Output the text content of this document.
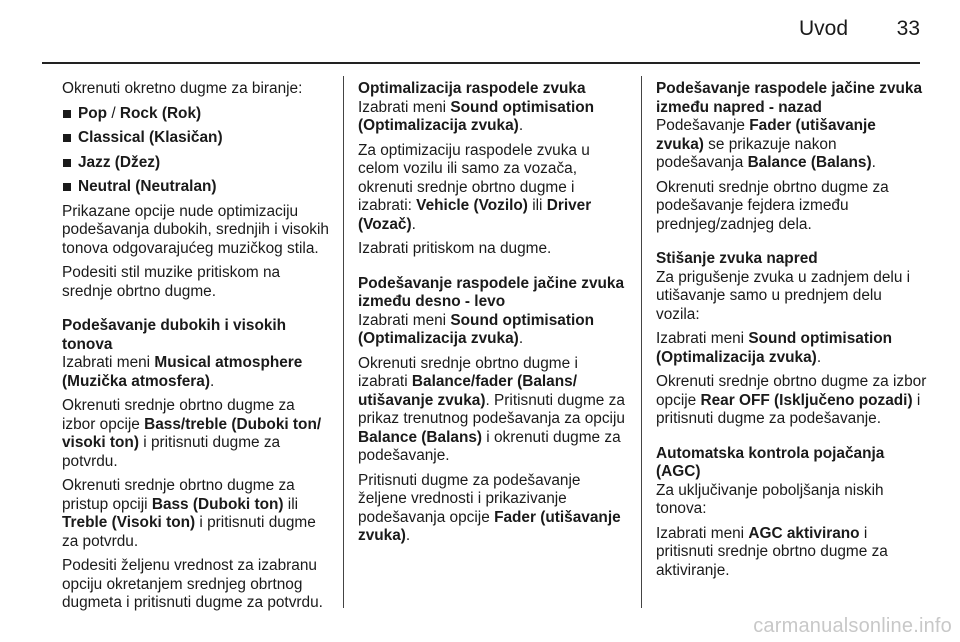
Uvod 33

Okrenuti okretno dugme za biranje:

Pop / Rock (Rok)
Classical (Klasičan)
Jazz (Džez)
Neutral (Neutralan)

Prikazane opcije nude optimizaciju podešavanja dubokih, srednjih i visokih tonova odgovarajućeg muzičkog stila.

Podesiti stil muzike pritiskom na srednje obrtno dugme.

Podešavanje dubokih i visokih tonova

Izabrati meni Musical atmosphere (Muzička atmosfera).

Okrenuti srednje obrtno dugme za izbor opcije Bass/treble (Duboki ton/ visoki ton) i pritisnuti dugme za potvrdu.

Okrenuti srednje obrtno dugme za pristup opciji Bass (Duboki ton) ili Treble (Visoki ton) i pritisnuti dugme za potvrdu.

Podesiti željenu vrednost za izabranu opciju okretanjem srednjeg obrtnog dugmeta i pritisnuti dugme za potvrdu.

Optimalizacija raspodele zvuka

Izabrati meni Sound optimisation (Optimalizacija zvuka).

Za optimizaciju raspodele zvuka u celom vozilu ili samo za vozača, okrenuti srednje obrtno dugme i izabrati: Vehicle (Vozilo) ili Driver (Vozač).

Izabrati pritiskom na dugme.

Podešavanje raspodele jačine zvuka između desno - levo

Izabrati meni Sound optimisation (Optimalizacija zvuka).

Okrenuti srednje obrtno dugme i izabrati Balance/fader (Balans/ utišavanje zvuka). Pritisnuti dugme za prikaz trenutnog podešavanja za opciju Balance (Balans) i okrenuti dugme za podešavanje.

Pritisnuti dugme za podešavanje željene vrednosti i prikazivanje podešavanja opcije Fader (utišavanje zvuka).

Podešavanje raspodele jačine zvuka između napred - nazad

Podešavanje Fader (utišavanje zvuka) se prikazuje nakon podešavanja Balance (Balans).

Okrenuti srednje obrtno dugme za podešavanje fejdera između prednjeg/zadnjeg dela.

Stišanje zvuka napred

Za prigušenje zvuka u zadnjem delu i utišavanje samo u prednjem delu vozila:

Izabrati meni Sound optimisation (Optimalizacija zvuka).

Okrenuti srednje obrtno dugme za izbor opcije Rear OFF (Isključeno pozadi) i pritisnuti dugme za podešavanje.

Automatska kontrola pojačanja (AGC)

Za uključivanje poboljšanja niskih tonova:

Izabrati meni AGC aktivirano i pritisnuti srednje obrtno dugme za aktiviranje.

carmanualsonline.info
